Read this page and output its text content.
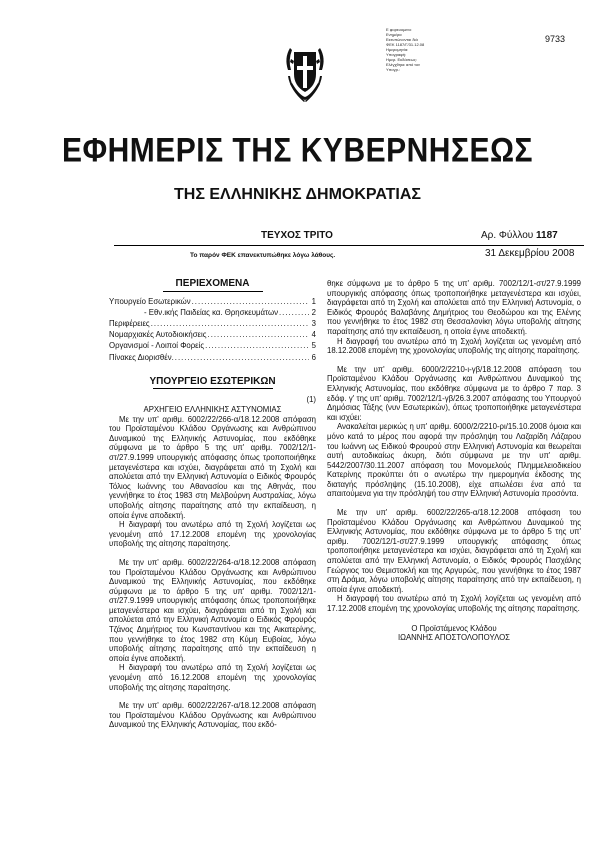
Ε φορευομενο
Ενημέρα
Εκτυπώνονται διά
ΦΕΚ 1187/Γ/31.12.08
Ημερομηνία:
Υπογραφή:
Ημερ. Εκδόσεως:
Ελέγχθηκε από τον
Υπογρ.:
9733
ΕΦΗΜΕΡΙΣ ΤΗΣ ΚΥΒΕΡΝΗΣΕΩΣ
ΤΗΣ ΕΛΛΗΝΙΚΗΣ ΔΗΜΟΚΡΑΤΙΑΣ
ΤΕΥΧΟΣ ΤΡΙΤΟ	Αρ. Φύλλου 1187
Το παρόν ΦΕΚ επανεκτυπώθηκε λόγω λάθους.	31 Δεκεμβρίου 2008
ΠΕΡΙΕΧΟΜΕΝΑ
Υπουργείο Εσωτερικών .....	1
- Εθν.ικής Παιδείας κα. Θρησκευμάτων .....	2
Περιφέρειες .....	3
Νομαρχιακές Αυτοδιοικήσεις .....	4
Οργανισμοί - Λοιποί Φορείς .....	5
Πίνακες Διορισθέν. .....	6
ΥΠΟΥΡΓΕΙΟ ΕΣΩΤΕΡΙΚΩΝ
(1)
ΑΡΧΗΓΕΙΟ ΕΛΛΗΝΙΚΗΣ ΑΣΤΥΝΟΜΙΑΣ

Με την υπ' αριθμ. 6002/22/266-α/18.12.2008 απόφαση του Προϊσταμένου Κλάδου Οργάνωσης και Ανθρώπινου Δυναμικού της Ελληνικής Αστυνομίας, που εκδόθηκε σύμφωνα με το άρθρο 5 της υπ' αριθμ. 7002/12/1-στ/27.9.1999 υπουργικής απόφασης όπως τροποποιήθηκε μεταγενέστερα και ισχύει, διαγράφεται από τη Σχολή και απολύεται από την Ελληνική Αστυνομία ο Ειδικός Φρουρός Τόλιος Ιωάννης του Αθανασίου και της Αθηνάς, που γεννήθηκε το έτος 1983 στη Μελβούρνη Αυστραλίας, λόγω υποβολής αίτησης παραίτησης από την εκπαίδευση, η οποία έγινε αποδεκτή.

Η διαγραφή του ανωτέρω από τη Σχολή λογίζεται ως γενομένη από 17.12.2008 επομένη της χρονολογίας υποβολής της αίτησης παραίτησης.

Με την υπ' αριθμ. 6002/22/264-α/18.12.2008 απόφαση του Προϊσταμένου Κλάδου Οργάνωσης και Ανθρώπινου Δυναμικού της Ελληνικής Αστυνομίας, που εκδόθηκε σύμφωνα με το άρθρο 5 της υπ' αριθμ. 7002/12/1-στ/27.9.1999 υπουργικής απόφασης όπως τροποποιήθηκε μεταγενέστερα και ισχύει, διαγράφεται από τη Σχολή και απολύεται από την Ελληνική Αστυνομία ο Ειδικός Φρουρός Τζάνος Δημήτριος του Κωνσταντίνου και της Αικατερίνης, που γεννήθηκε το έτος 1982 στη Κύμη Ευβοίας, λόγω υποβολής αίτησης παραίτησης από την εκπαίδευση η οποία έγινε αποδεκτή.

Η διαγραφή του ανωτέρω από τη Σχολή λογίζεται ως γενομένη από 16.12.2008 επομένη της χρονολογίας υποβολής της αίτησης παραίτησης.

Με την υπ' αριθμ. 6002/22/267-α/18.12.2008 απόφαση του Προϊσταμένου Κλάδου Οργάνωσης και Ανθρώπινου Δυναμικού της Ελληνικής Αστυνομίας, που εκδό-

θηκε σύμφωνα με το άρθρο 5 της υπ' αριθμ. 7002/12/1-στ/27.9.1999 υπουργικής απόφασης όπως τροποποιήθηκε μεταγενέστερα και ισχύει, διαγράφεται από τη Σχολή και απολύεται από την Ελληνική Αστυνομία, ο Ειδικός Φρουρός Βαλαβάνης Δημήτριος του Θεοδώρου και της Ελένης που γεννήθηκε το έτος 1982 στη Θεσσαλονίκη λόγω υποβολής αίτησης παραίτησης από την εκπαίδευση, η οποία έγινε αποδεκτή.

Η διαγραφή του ανωτέρω από τη Σχολή λογίζεται ως γενομένη από 18.12.2008 επομένη της χρονολογίας υποβολής της αίτησης παραίτησης.

Με την υπ' αριθμ. 6000/2/2210-ι-γβ/18.12.2008 απόφαση του Προϊσταμένου Κλάδου Οργάνωσης και Ανθρώπινου Δυναμικού της Ελληνικής Αστυνομίας, που εκδόθηκε σύμφωνα με το άρθρο 7 παρ. 3 εδάφ. γ' της υπ' αριθμ. 7002/12/1-γβ/26.3.2007 απόφασης του Υπουργού Δημόσιας Τάξης (νυν Εσωτερικών), όπως τροποποιήθηκε μεταγενέστερα και ισχύει:

Ανακαλείται μερικώς η υπ' αριθμ. 6000/2/2210-ρι/15.10.2008 όμοια και μόνο κατά το μέρος που αφορά την πρόσληψη του Λαζαρίδη Λάζαρου του Ιωάννη ως Ειδικού Φρουρού στην Ελληνική Αστυνομία και θεωρείται αυτή αυτοδικαίως άκυρη, διότι σύμφωνα με την υπ' αριθμ. 5442/2007/30.11.2007 απόφαση του Μονομελούς Πλημμελειοδικείου Κατερίνης προκύπτει ότι ο ανωτέρω την ημερομηνία έκδοσης της διαταγής πρόσληψης (15.10.2008), είχε απωλέσει ένα από τα απαιτούμενα για την πρόσληψή του στην Ελληνική Αστυνομία προσόντα.

Με την υπ' αριθμ. 6002/22/265-α/18.12.2008 απόφαση του Προϊσταμένου Κλάδου Οργάνωσης και Ανθρώπινου Δυναμικού της Ελληνικής Αστυνομίας, που εκδόθηκε σύμφωνα με το άρθρο 5 της υπ' αριθμ. 7002/12/1-στ/27.9.1999 υπουργικής απόφασης όπως τροποποιήθηκε μεταγενέστερα και ισχύει, διαγράφεται από τη Σχολή και απολύεται από την Ελληνική Αστυνομία, ο Ειδικός Φρουρός Πασχάλης Γεώργιος του Θεμιστοκλή και της Αργυρώς, που γεννήθηκε το έτος 1987 στη Δράμα, λόγω υποβολής αίτησης παραίτησης από την εκπαίδευση, η οποία έγινε αποδεκτή.

Η διαγραφή του ανωτέρω από τη Σχολή λογίζεται ως γενομένη από 17.12.2008 επομένη της χρονολογίας υποβολής της αίτησης παραίτησης.

Ο Προϊστάμενος Κλάδου
ΙΩΑΝΝΗΣ ΑΠΟΣΤΟΛΟΠΟΥΛΟΣ
